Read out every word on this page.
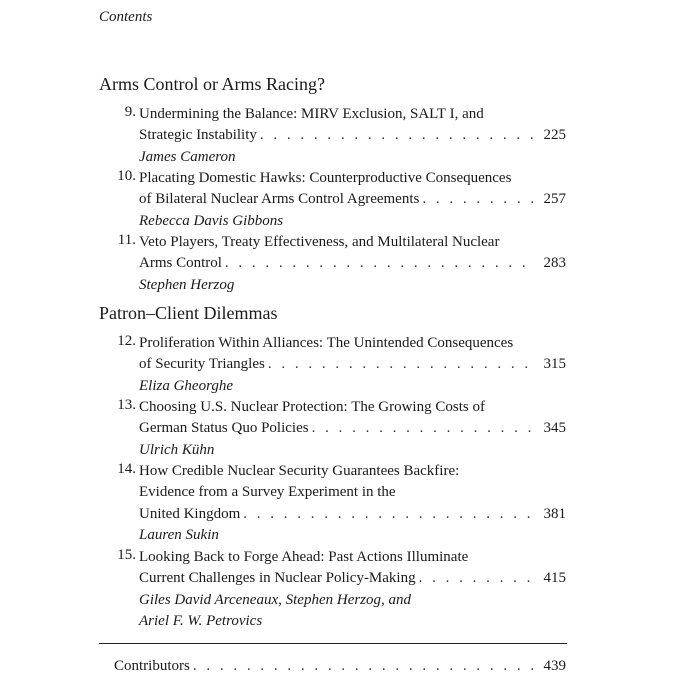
Contents
Arms Control or Arms Racing?
9. Undermining the Balance: MIRV Exclusion, SALT I, and
Strategic Instability . . .	225
James Cameron
10. Placating Domestic Hawks: Counterproductive Consequences
of Bilateral Nuclear Arms Control Agreements . . .	257
Rebecca Davis Gibbons
11. Veto Players, Treaty Effectiveness, and Multilateral Nuclear
Arms Control . . .	283
Stephen Herzog
Patron–Client Dilemmas
12. Proliferation Within Alliances: The Unintended Consequences
of Security Triangles . . .	315
Eliza Gheorghe
13. Choosing U.S. Nuclear Protection: The Growing Costs of
German Status Quo Policies . . .	345
Ulrich Kühn
14. How Credible Nuclear Security Guarantees Backfire:
Evidence from a Survey Experiment in the
United Kingdom . . .	381
Lauren Sukin
15. Looking Back to Forge Ahead: Past Actions Illuminate
Current Challenges in Nuclear Policy-Making . . .	415
Giles David Arceneaux, Stephen Herzog, and
Ariel F. W. Petrovics
Contributors . . .	439
